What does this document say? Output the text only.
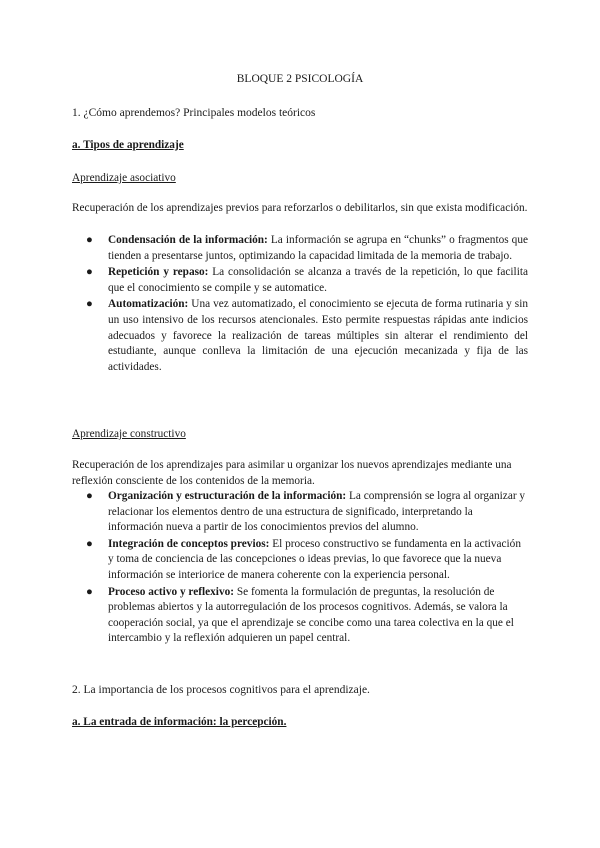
BLOQUE 2 PSICOLOGÍA
1. ¿Cómo aprendemos? Principales modelos teóricos
a. Tipos de aprendizaje
Aprendizaje asociativo
Recuperación de los aprendizajes previos para reforzarlos o debilitarlos, sin que exista modificación.
● Condensación de la información: La información se agrupa en “chunks” o fragmentos que tienden a presentarse juntos, optimizando la capacidad limitada de la memoria de trabajo.
● Repetición y repaso: La consolidación se alcanza a través de la repetición, lo que facilita que el conocimiento se compile y se automatice.
● Automatización: Una vez automatizado, el conocimiento se ejecuta de forma rutinaria y sin un uso intensivo de los recursos atencionales. Esto permite respuestas rápidas ante indicios adecuados y favorece la realización de tareas múltiples sin alterar el rendimiento del estudiante, aunque conlleva la limitación de una ejecución mecanizada y fija de las actividades.
Aprendizaje constructivo
Recuperación de los aprendizajes para asimilar u organizar los nuevos aprendizajes mediante una reflexión consciente de los contenidos de la memoria.
● Organización y estructuración de la información: La comprensión se logra al organizar y relacionar los elementos dentro de una estructura de significado, interpretando la información nueva a partir de los conocimientos previos del alumno.
● Integración de conceptos previos: El proceso constructivo se fundamenta en la activación y toma de conciencia de las concepciones o ideas previas, lo que favorece que la nueva información se interiorice de manera coherente con la experiencia personal.
● Proceso activo y reflexivo: Se fomenta la formulación de preguntas, la resolución de problemas abiertos y la autorregulación de los procesos cognitivos. Además, se valora la cooperación social, ya que el aprendizaje se concibe como una tarea colectiva en la que el intercambio y la reflexión adquieren un papel central.
2. La importancia de los procesos cognitivos para el aprendizaje.
a. La entrada de información: la percepción.
